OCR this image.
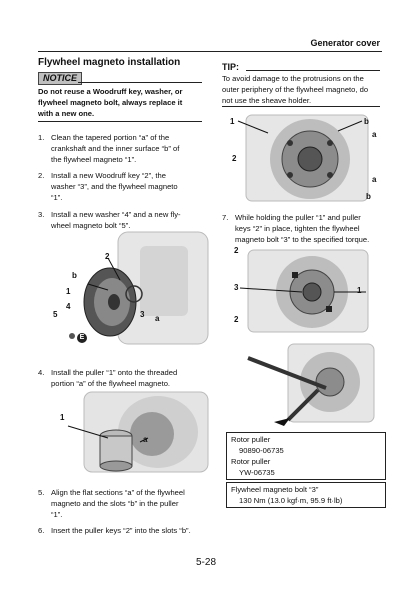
Generator cover
Flywheel magneto installation
NOTICE
Do not reuse a Woodruff key, washer, or
flywheel magneto bolt, always replace it
with a new one.
1. Clean the tapered portion “a” of the
crankshaft and the inner surface “b” of
the flywheel magneto “1”.
2. Install a new Woodruff key “2”, the
washer “3”, and the flywheel magneto
“1”.
3. Install a new washer “4” and a new fly-
wheel magneto bolt “5”.
2
b
1
4
5	3 a
E
4. Install the puller “1” onto the threaded
portion “a” of the flywheel magneto.
1
a
5. Align the flat sections “a” of the flywheel
magneto and the slots “b” in the puller
“1”.
6. Insert the puller keys “2” into the slots “b”.
TIP:
To avoid damage to the protrusions on the
outer periphery of the flywheel magneto, do
not use the sheave holder.
1	b
a
2
a
b
7. While holding the puller “1” and puller
keys “2” in place, tighten the flywheel
magneto bolt “3” to the specified torque.
2
3	1
2
Rotor puller
90890-06735
Rotor puller
YW-06735
Flywheel magneto bolt “3”
130 Nm (13.0 kgf·m, 95.9 ft·lb)
5-28
